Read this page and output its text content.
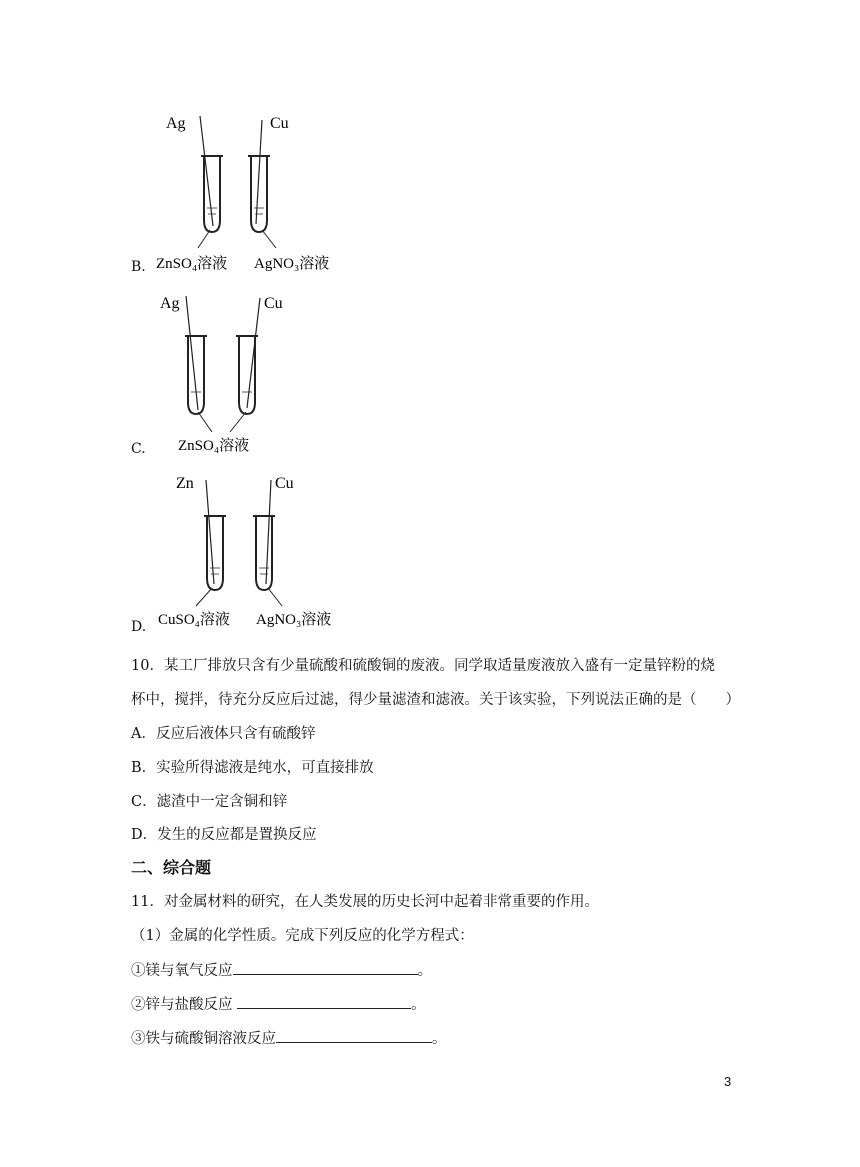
B.
Ag	Cu
ZnSO₄溶液 AgNO₃溶液
C.
Ag	Cu
ZnSO₄溶液
D.
Zn	Cu
CuSO₄溶液 AgNO₃溶液
10．某工厂排放只含有少量硫酸和硫酸铜的废液。同学取适量废液放入盛有一定量锌粉的烧
杯中，搅拌，待充分反应后过滤，得少量滤渣和滤液。关于该实验，下列说法正确的是（　　）
A．反应后液体只含有硫酸锌
B．实验所得滤液是纯水，可直接排放
C．滤渣中一定含铜和锌
D．发生的反应都是置换反应
二、综合题
11．对金属材料的研究，在人类发展的历史长河中起着非常重要的作用。
（1）金属的化学性质。完成下列反应的化学方程式：
①镁与氧气反应	。
②锌与盐酸反应	。
③铁与硫酸铜溶液反应	。
3
